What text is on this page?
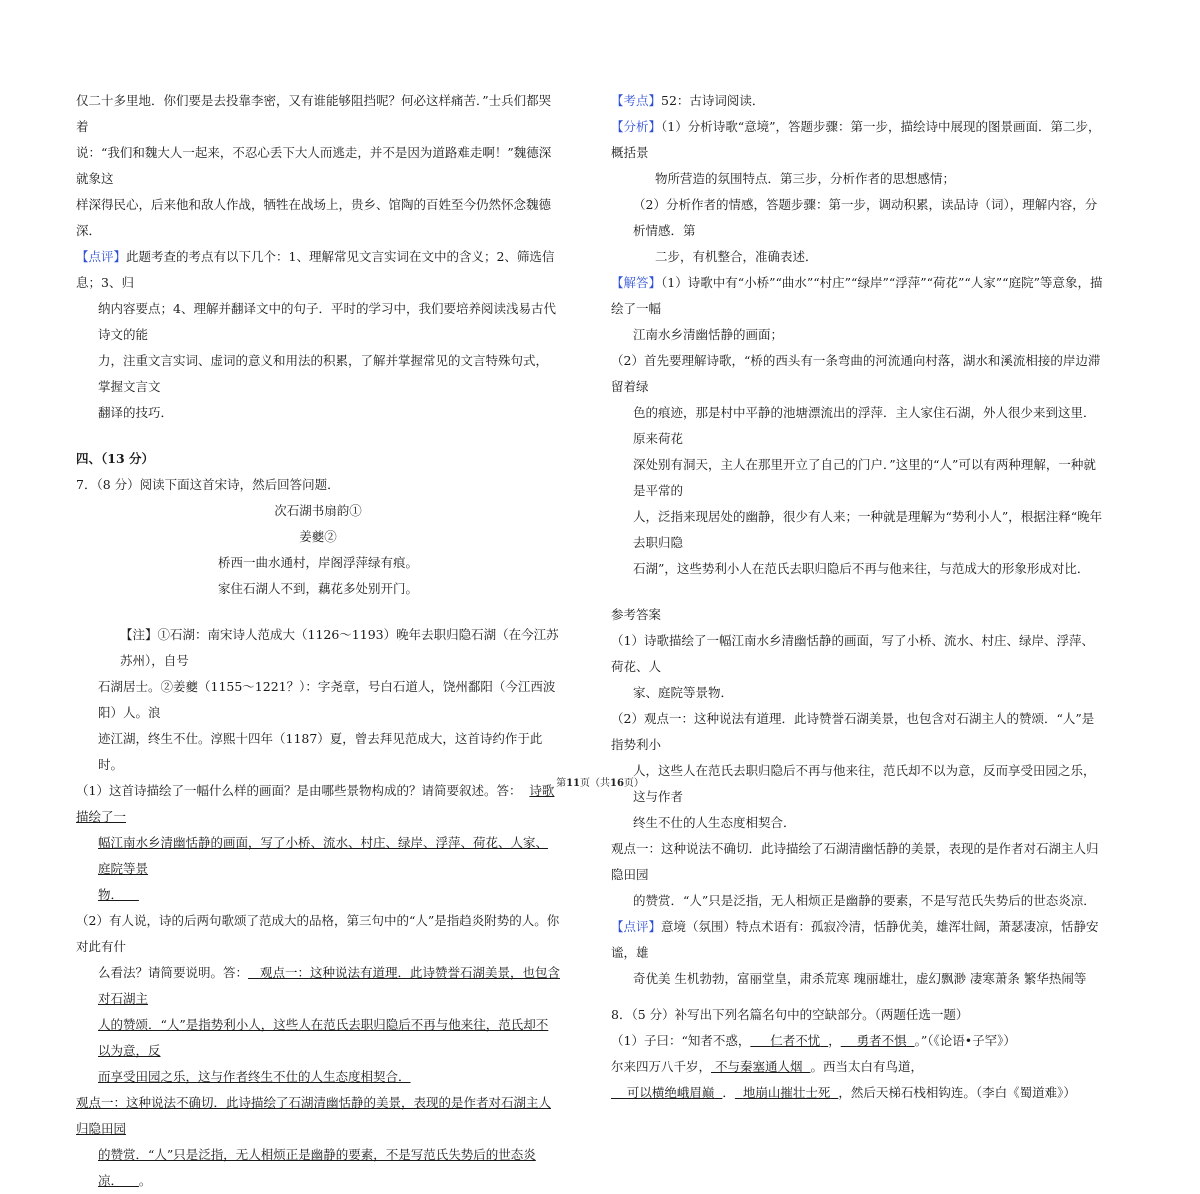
仅二十多里地．你们要是去投靠李密，又有谁能够阻挡呢？何必这样痛苦．”士兵们都哭着

说：“我们和魏大人一起来，不忍心丢下大人而逃走，并不是因为道路难走啊！”魏德深就象这

样深得民心，后来他和敌人作战，牺牲在战场上，贵乡、馆陶的百姓至今仍然怀念魏德深．

【点评】此题考查的考点有以下几个：1、理解常见文言实词在文中的含义；2、筛选信息；3、归

纳内容要点；4、理解并翻译文中的句子．平时的学习中，我们要培养阅读浅易古代诗文的能

力，注重文言实词、虚词的意义和用法的积累，了解并掌握常见的文言特殊句式，掌握文言文

翻译的技巧．

四、（13 分）

7．（8 分）阅读下面这首宋诗，然后回答问题．

次石湖书扇韵①

姜夔②

桥西一曲水通村，岸阁浮萍绿有痕。

家住石湖人不到，藕花多处别开门。

【注】①石湖：南宋诗人范成大（1126～1193）晚年去职归隐石湖（在今江苏苏州），自号

石湖居士。②姜夔（1155～1221？）：字尧章，号白石道人，饶州鄱阳（今江西波阳）人。浪

迹江湖，终生不仕。淳熙十四年（1187）夏，曾去拜见范成大，这首诗约作于此时。

（1）这首诗描绘了一幅什么样的画面？是由哪些景物构成的？请简要叙述。答： 诗歌描绘了一

幅江南水乡清幽恬静的画面，写了小桥、流水、村庄、绿岸、浮萍、荷花、人家、庭院等景

物．

（2）有人说，诗的后两句歌颂了范成大的品格，第三句中的“人”是指趋炎附势的人。你对此有什

么看法？请简要说明。答： 观点一：这种说法有道理．此诗赞誉石湖美景，也包含对石湖主

人的赞颂．“人”是指势利小人，这些人在范氏去职归隐后不再与他来往，范氏却不以为意，反

而享受田园之乐，这与作者终生不仕的人生态度相契合．

观点一：这种说法不确切．此诗描绘了石湖清幽恬静的美景，表现的是作者对石湖主人归隐田园

的赞赏．“人”只是泛指，无人相烦正是幽静的要素，不是写范氏失势后的世态炎凉． 。

【考点】52：古诗词阅读．

【分析】（1）分析诗歌“意境”，答题步骤：第一步，描绘诗中展现的图景画面．第二步，概括景

物所营造的氛围特点．第三步，分析作者的思想感情；

（2）分析作者的情感，答题步骤：第一步，调动积累，读品诗（词），理解内容，分析情感．第

二步，有机整合，准确表述．

【解答】（1）诗歌中有“小桥”“曲水”“村庄”“绿岸”“浮萍”“荷花”“人家”“庭院”等意象，描绘了一幅

江南水乡清幽恬静的画面；

（2）首先要理解诗歌，“桥的西头有一条弯曲的河流通向村落，湖水和溪流相接的岸边滞留着绿

色的痕迹，那是村中平静的池塘漂流出的浮萍．主人家住石湖，外人很少来到这里．原来荷花

深处别有洞天，主人在那里开立了自己的门户．”这里的“人”可以有两种理解，一种就是平常的

人，泛指来现居处的幽静，很少有人来；一种就是理解为“势利小人”，根据注释“晚年去职归隐

石湖”，这些势利小人在范氏去职归隐后不再与他来往，与范成大的形象形成对比．

参考答案

（1）诗歌描绘了一幅江南水乡清幽恬静的画面，写了小桥、流水、村庄、绿岸、浮萍、荷花、人

家、庭院等景物．

（2）观点一：这种说法有道理．此诗赞誉石湖美景，也包含对石湖主人的赞颂．“人”是指势利小

人，这些人在范氏去职归隐后不再与他来往，范氏却不以为意，反而享受田园之乐，这与作者

终生不仕的人生态度相契合．

观点一：这种说法不确切．此诗描绘了石湖清幽恬静的美景，表现的是作者对石湖主人归隐田园

的赞赏．“人”只是泛指，无人相烦正是幽静的要素，不是写范氏失势后的世态炎凉．

【点评】意境（氛围）特点术语有：孤寂冷清，恬静优美，雄浑壮阔，萧瑟凄凉，恬静安谧，雄

奇优美 生机勃勃，富丽堂皇，肃杀荒寒 瑰丽雄壮，虚幻飘渺 凄寒萧条 繁华热闹等

8．（5 分）补写出下列名篇名句中的空缺部分。（两题任选一题）

（1）子曰：“知者不惑， 仁者不忧 ， 勇者不惧 。”（《论语•子罕》）

尔来四万八千岁， 不与秦塞通人烟 。西当太白有鸟道，

可以横绝峨眉巅 ． 地崩山摧壮士死 ，然后天梯石栈相钩连。（李白《蜀道难》）

第11页（共16页）
